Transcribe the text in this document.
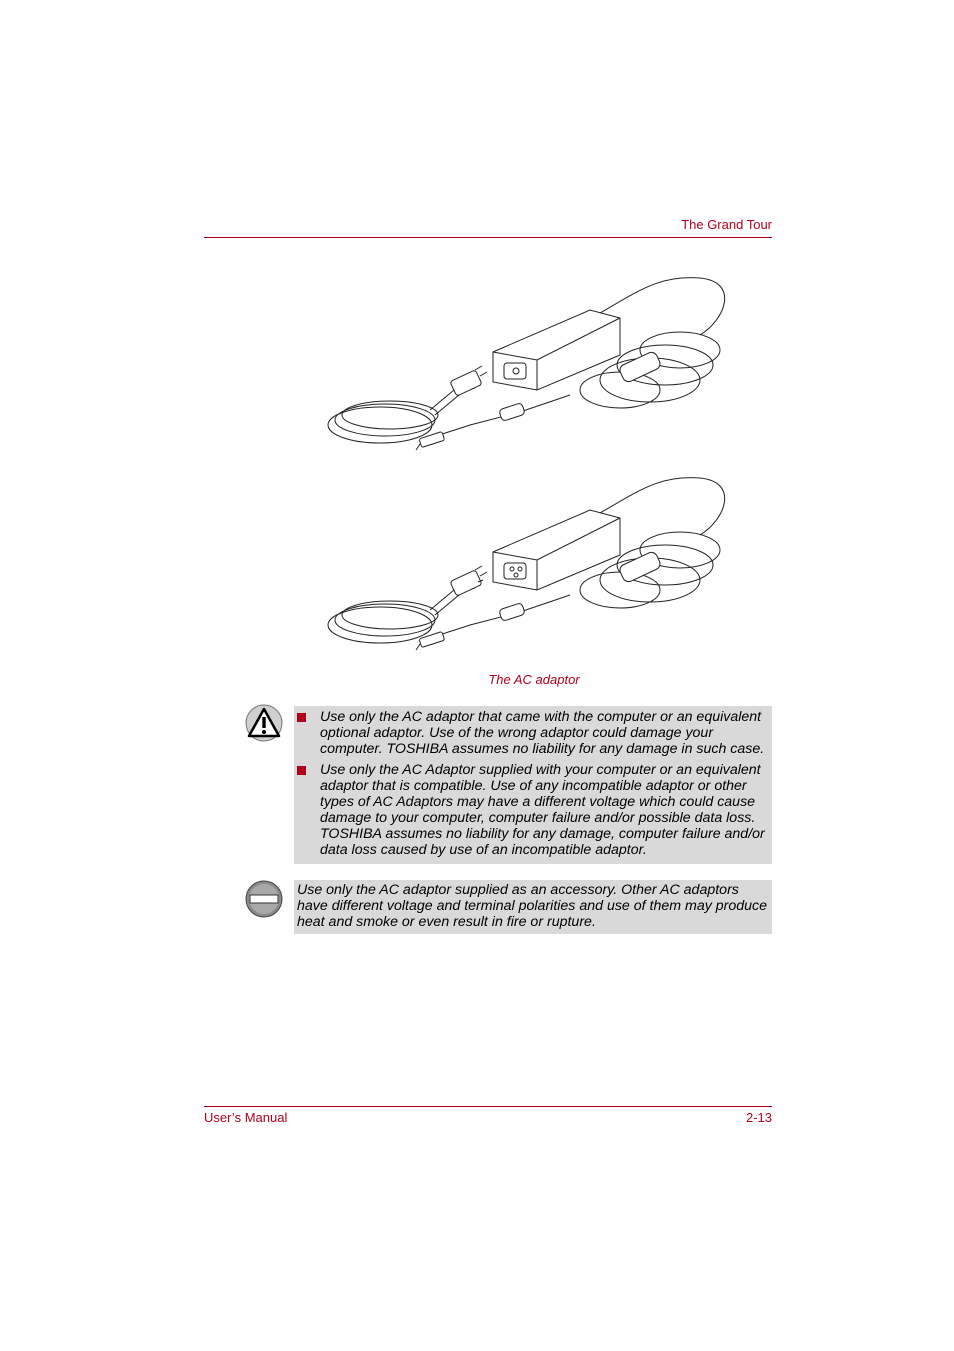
The Grand Tour
The AC adaptor
Use only the AC adaptor that came with the computer or an equivalent optional adaptor. Use of the wrong adaptor could damage your computer. TOSHIBA assumes no liability for any damage in such case.
Use only the AC Adaptor supplied with your computer or an equivalent adaptor that is compatible. Use of any incompatible adaptor or other types of AC Adaptors may have a different voltage which could cause damage to your computer, computer failure and/or possible data loss. TOSHIBA assumes no liability for any damage, computer failure and/or data loss caused by use of an incompatible adaptor.
Use only the AC adaptor supplied as an accessory. Other AC adaptors have different voltage and terminal polarities and use of them may produce heat and smoke or even result in fire or rupture.
User’s Manual	2-13
